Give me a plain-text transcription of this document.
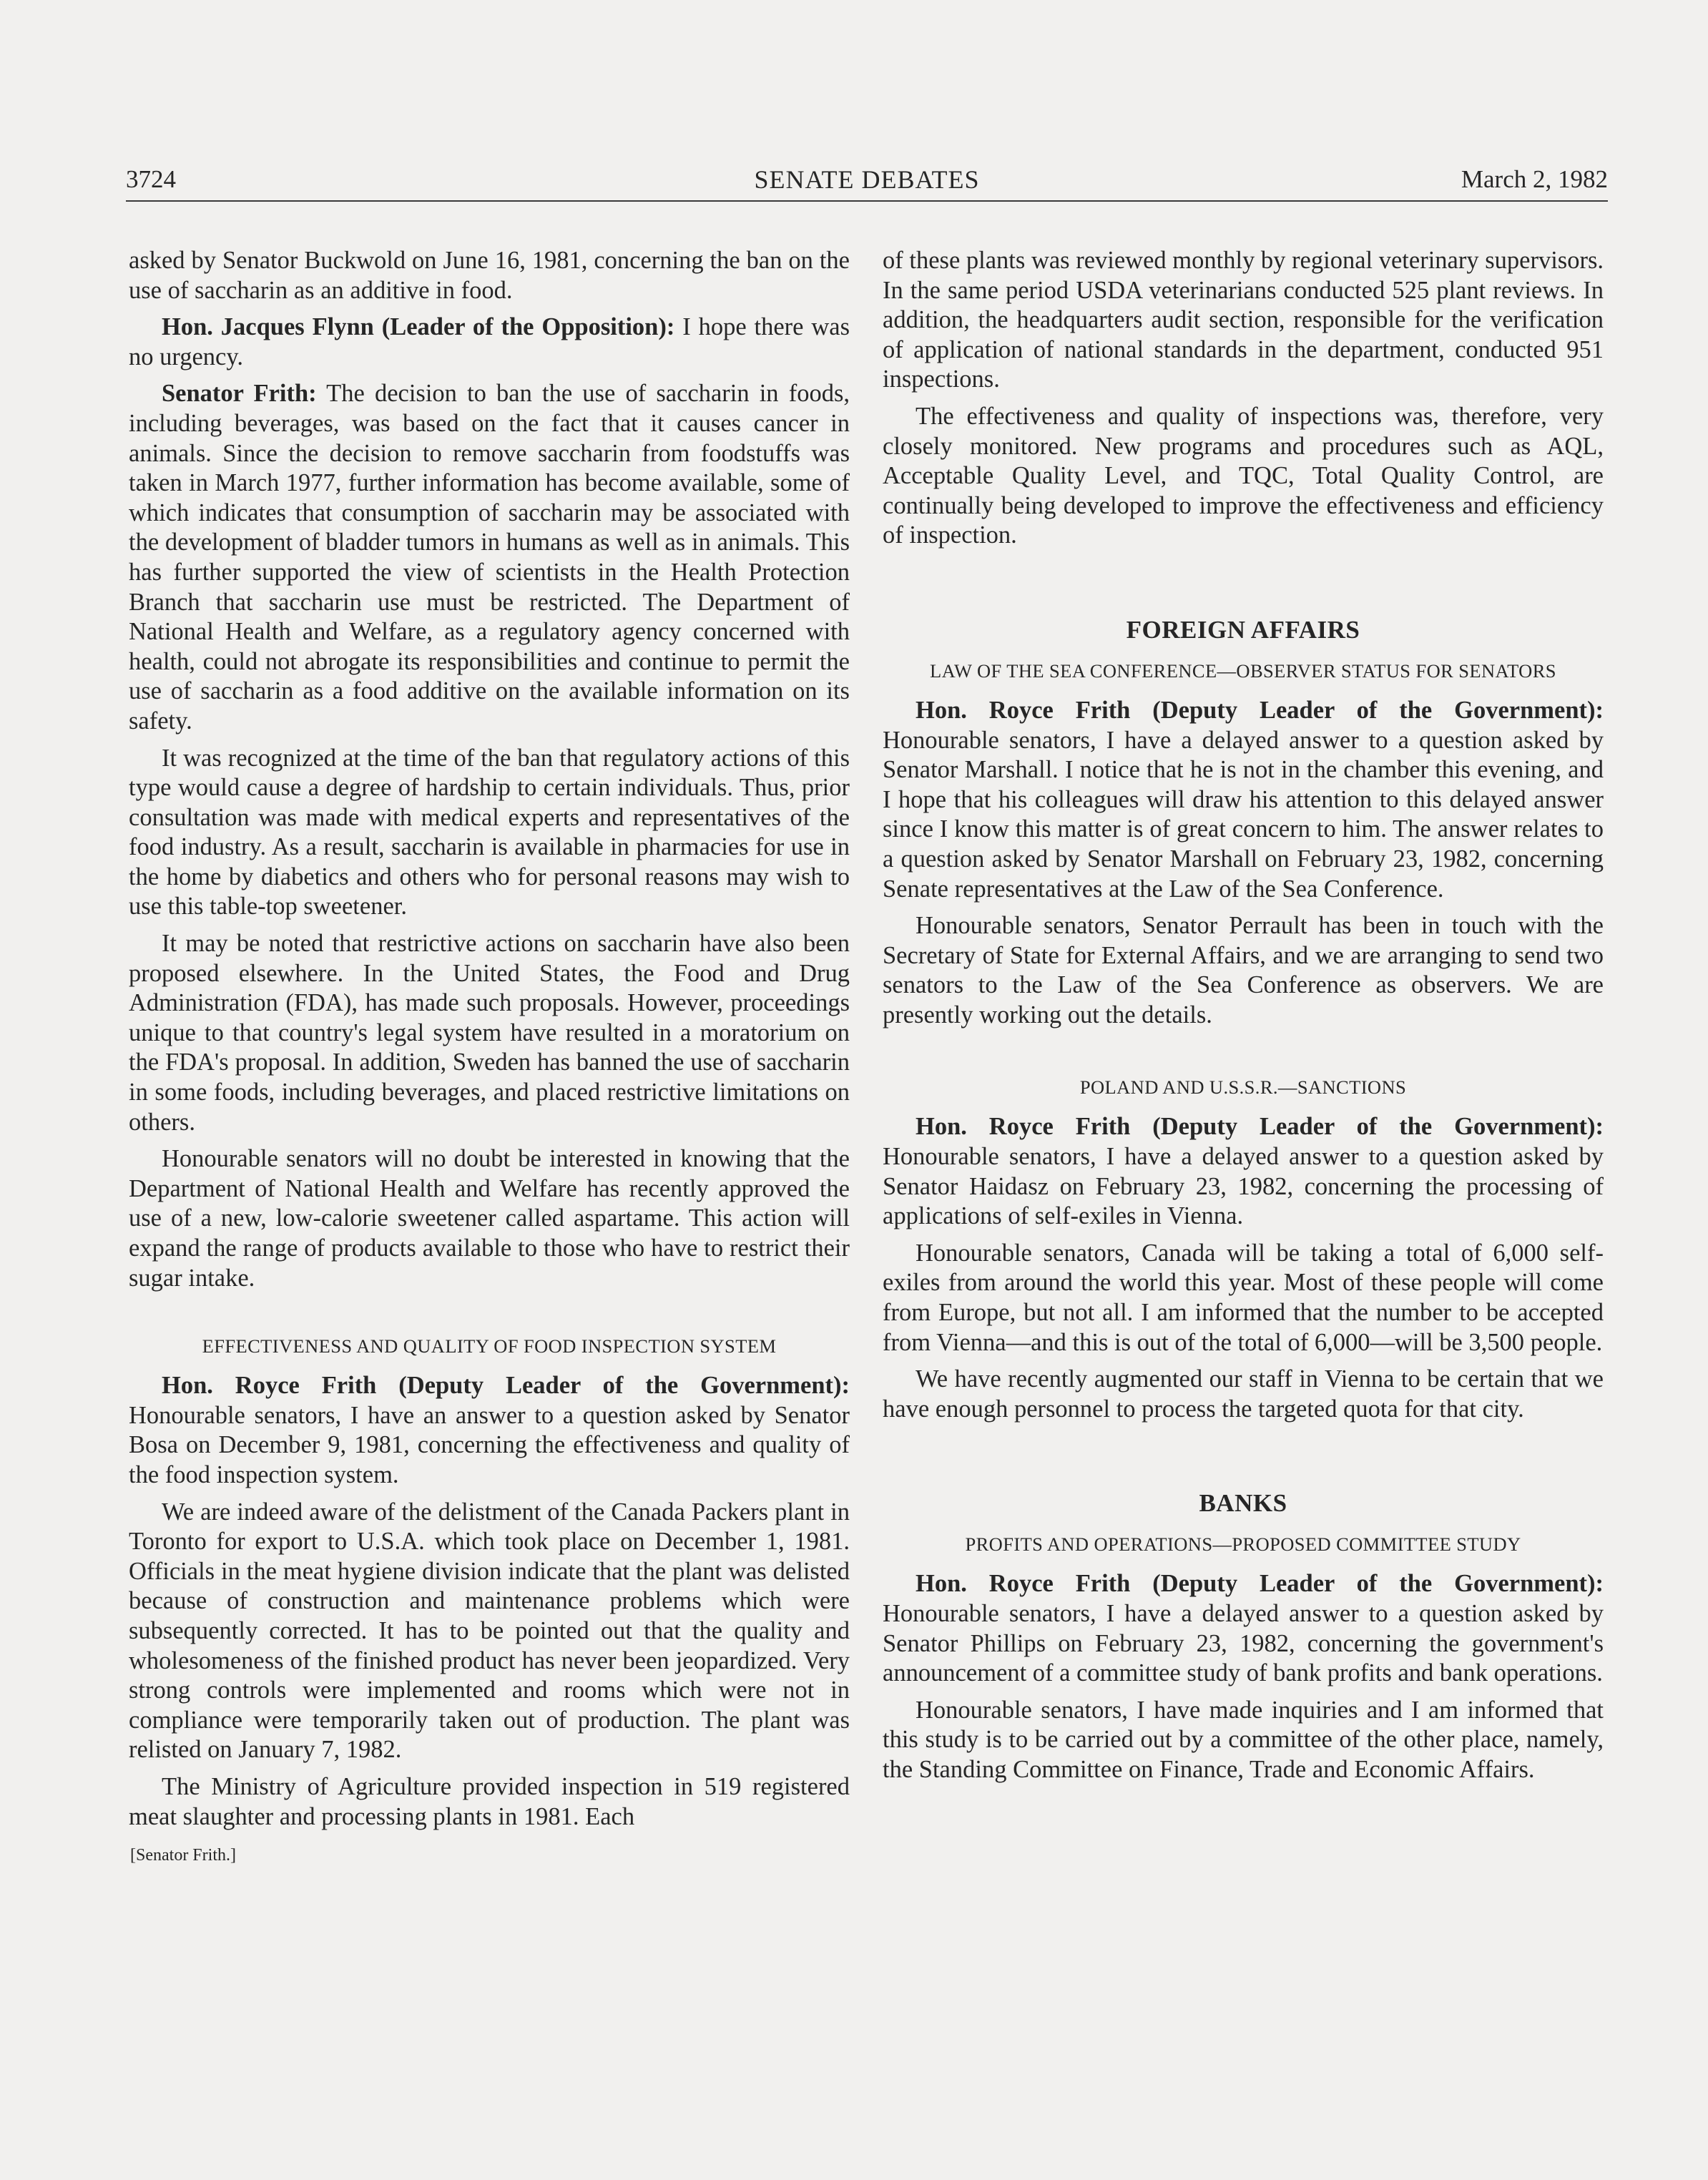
3724	SENATE DEBATES	March 2, 1982

asked by Senator Buckwold on June 16, 1981, concerning the ban on the use of saccharin as an additive in food.

Hon. Jacques Flynn (Leader of the Opposition): I hope there was no urgency.

Senator Frith: The decision to ban the use of saccharin in foods, including beverages, was based on the fact that it causes cancer in animals. Since the decision to remove saccharin from foodstuffs was taken in March 1977, further information has become available, some of which indicates that consumption of saccharin may be associated with the development of bladder tumors in humans as well as in animals. This has further supported the view of scientists in the Health Protection Branch that saccharin use must be restricted. The Department of National Health and Welfare, as a regulatory agency concerned with health, could not abrogate its responsibilities and continue to permit the use of saccharin as a food additive on the available information on its safety.

It was recognized at the time of the ban that regulatory actions of this type would cause a degree of hardship to certain individuals. Thus, prior consultation was made with medical experts and representatives of the food industry. As a result, saccharin is available in pharmacies for use in the home by diabetics and others who for personal reasons may wish to use this table-top sweetener.

It may be noted that restrictive actions on saccharin have also been proposed elsewhere. In the United States, the Food and Drug Administration (FDA), has made such proposals. However, proceedings unique to that country's legal system have resulted in a moratorium on the FDA's proposal. In addition, Sweden has banned the use of saccharin in some foods, including beverages, and placed restrictive limitations on others.

Honourable senators will no doubt be interested in knowing that the Department of National Health and Welfare has recently approved the use of a new, low-calorie sweetener called aspartame. This action will expand the range of products available to those who have to restrict their sugar intake.

EFFECTIVENESS AND QUALITY OF FOOD INSPECTION SYSTEM

Hon. Royce Frith (Deputy Leader of the Government): Honourable senators, I have an answer to a question asked by Senator Bosa on December 9, 1981, concerning the effectiveness and quality of the food inspection system.

We are indeed aware of the delistment of the Canada Packers plant in Toronto for export to U.S.A. which took place on December 1, 1981. Officials in the meat hygiene division indicate that the plant was delisted because of construction and maintenance problems which were subsequently corrected. It has to be pointed out that the quality and wholesomeness of the finished product has never been jeopardized. Very strong controls were implemented and rooms which were not in compliance were temporarily taken out of production. The plant was relisted on January 7, 1982.

The Ministry of Agriculture provided inspection in 519 registered meat slaughter and processing plants in 1981. Each

[Senator Frith.]

of these plants was reviewed monthly by regional veterinary supervisors. In the same period USDA veterinarians conducted 525 plant reviews. In addition, the headquarters audit section, responsible for the verification of application of national standards in the department, conducted 951 inspections.

The effectiveness and quality of inspections was, therefore, very closely monitored. New programs and procedures such as AQL, Acceptable Quality Level, and TQC, Total Quality Control, are continually being developed to improve the effectiveness and efficiency of inspection.

FOREIGN AFFAIRS
LAW OF THE SEA CONFERENCE—OBSERVER STATUS FOR SENATORS

Hon. Royce Frith (Deputy Leader of the Government): Honourable senators, I have a delayed answer to a question asked by Senator Marshall. I notice that he is not in the chamber this evening, and I hope that his colleagues will draw his attention to this delayed answer since I know this matter is of great concern to him. The answer relates to a question asked by Senator Marshall on February 23, 1982, concerning Senate representatives at the Law of the Sea Conference.

Honourable senators, Senator Perrault has been in touch with the Secretary of State for External Affairs, and we are arranging to send two senators to the Law of the Sea Conference as observers. We are presently working out the details.

POLAND AND U.S.S.R.—SANCTIONS

Hon. Royce Frith (Deputy Leader of the Government): Honourable senators, I have a delayed answer to a question asked by Senator Haidasz on February 23, 1982, concerning the processing of applications of self-exiles in Vienna.

Honourable senators, Canada will be taking a total of 6,000 self-exiles from around the world this year. Most of these people will come from Europe, but not all. I am informed that the number to be accepted from Vienna—and this is out of the total of 6,000—will be 3,500 people.

We have recently augmented our staff in Vienna to be certain that we have enough personnel to process the targeted quota for that city.

BANKS
PROFITS AND OPERATIONS—PROPOSED COMMITTEE STUDY

Hon. Royce Frith (Deputy Leader of the Government): Honourable senators, I have a delayed answer to a question asked by Senator Phillips on February 23, 1982, concerning the government's announcement of a committee study of bank profits and bank operations.

Honourable senators, I have made inquiries and I am informed that this study is to be carried out by a committee of the other place, namely, the Standing Committee on Finance, Trade and Economic Affairs.
